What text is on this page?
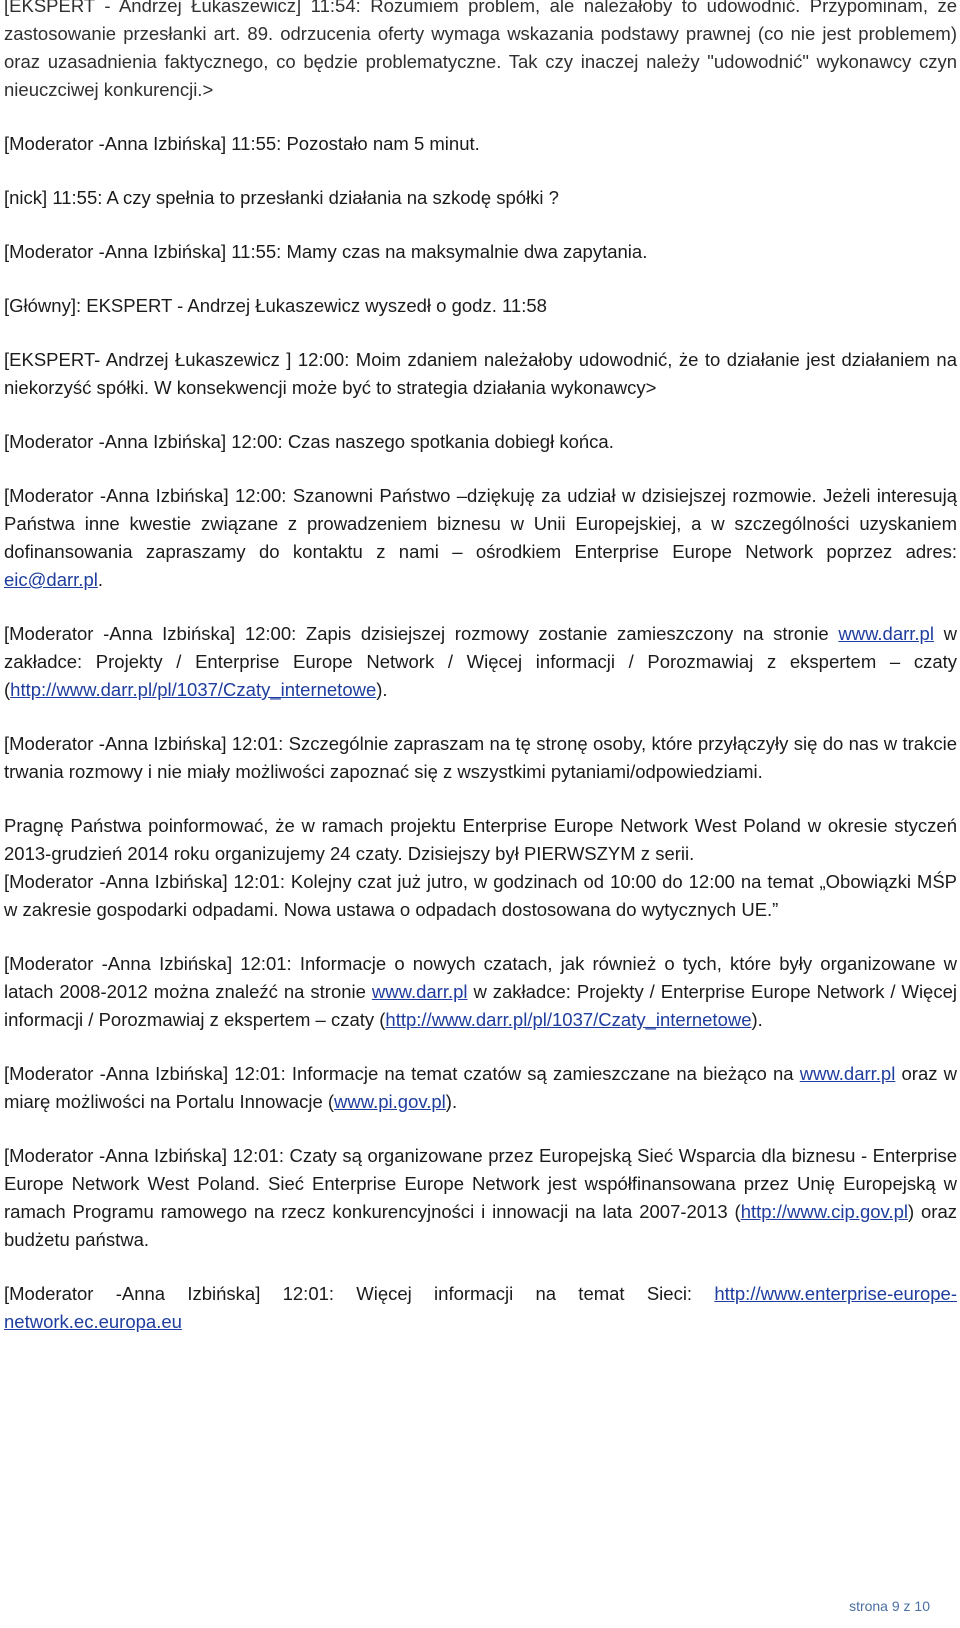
[EKSPERT - Andrzej Łukaszewicz] 11:54: Rozumiem problem, ale należałoby to udowodnić. Przypominam, że zastosowanie przesłanki art. 89. odrzucenia oferty wymaga wskazania podstawy prawnej (co nie jest problemem) oraz uzasadnienia faktycznego, co będzie problematyczne. Tak czy inaczej należy "udowodnić" wykonawcy czyn nieuczciwej konkurencji.>

[Moderator -Anna Izbińska] 11:55: Pozostało nam 5 minut.

[nick] 11:55: A czy spełnia to przesłanki działania na szkodę spółki ?

[Moderator -Anna Izbińska] 11:55: Mamy czas na maksymalnie dwa zapytania.

[Główny]: EKSPERT - Andrzej Łukaszewicz wyszedł o godz. 11:58

[EKSPERT- Andrzej Łukaszewicz ] 12:00: Moim zdaniem należałoby udowodnić, że to działanie jest działaniem na niekorzyść spółki. W konsekwencji może być to strategia działania wykonawcy>

[Moderator -Anna Izbińska] 12:00: Czas naszego spotkania dobiegł końca.

[Moderator -Anna Izbińska] 12:00: Szanowni Państwo –dziękuję za udział w dzisiejszej rozmowie. Jeżeli interesują Państwa inne kwestie związane z prowadzeniem biznesu w Unii Europejskiej, a w szczególności uzyskaniem dofinansowania zapraszamy do kontaktu z nami – ośrodkiem Enterprise Europe Network poprzez adres: eic@darr.pl.

[Moderator -Anna Izbińska] 12:00: Zapis dzisiejszej rozmowy zostanie zamieszczony na stronie www.darr.pl w zakładce: Projekty / Enterprise Europe Network / Więcej informacji / Porozmawiaj z ekspertem – czaty (http://www.darr.pl/pl/1037/Czaty_internetowe).

[Moderator -Anna Izbińska] 12:01: Szczególnie zapraszam na tę stronę osoby, które przyłączyły się do nas w trakcie trwania rozmowy i nie miały możliwości zapoznać się z wszystkimi pytaniami/odpowiedziami.

Pragnę Państwa poinformować, że w ramach projektu Enterprise Europe Network West Poland w okresie styczeń 2013-grudzień 2014 roku organizujemy 24 czaty. Dzisiejszy był PIERWSZYM z serii.

[Moderator -Anna Izbińska] 12:01: Kolejny czat już jutro, w godzinach od 10:00 do 12:00 na temat „Obowiązki MŚP w zakresie gospodarki odpadami. Nowa ustawa o odpadach dostosowana do wytycznych UE.”

[Moderator -Anna Izbińska] 12:01: Informacje o nowych czatach, jak również o tych, które były organizowane w latach 2008-2012 można znaleźć na stronie www.darr.pl w zakładce: Projekty / Enterprise Europe Network / Więcej informacji / Porozmawiaj z ekspertem – czaty (http://www.darr.pl/pl/1037/Czaty_internetowe).

[Moderator -Anna Izbińska] 12:01: Informacje na temat czatów są zamieszczane na bieżąco na www.darr.pl oraz w miarę możliwości na Portalu Innowacje (www.pi.gov.pl).

[Moderator -Anna Izbińska] 12:01: Czaty są organizowane przez Europejską Sieć Wsparcia dla biznesu - Enterprise Europe Network West Poland. Sieć Enterprise Europe Network jest współfinansowana przez Unię Europejską w ramach Programu ramowego na rzecz konkurencyjności i innowacji na lata 2007-2013 (http://www.cip.gov.pl) oraz budżetu państwa.

[Moderator -Anna Izbińska] 12:01: Więcej informacji na temat Sieci: http://www.enterprise-europe-network.ec.europa.eu

strona 9 z 10
